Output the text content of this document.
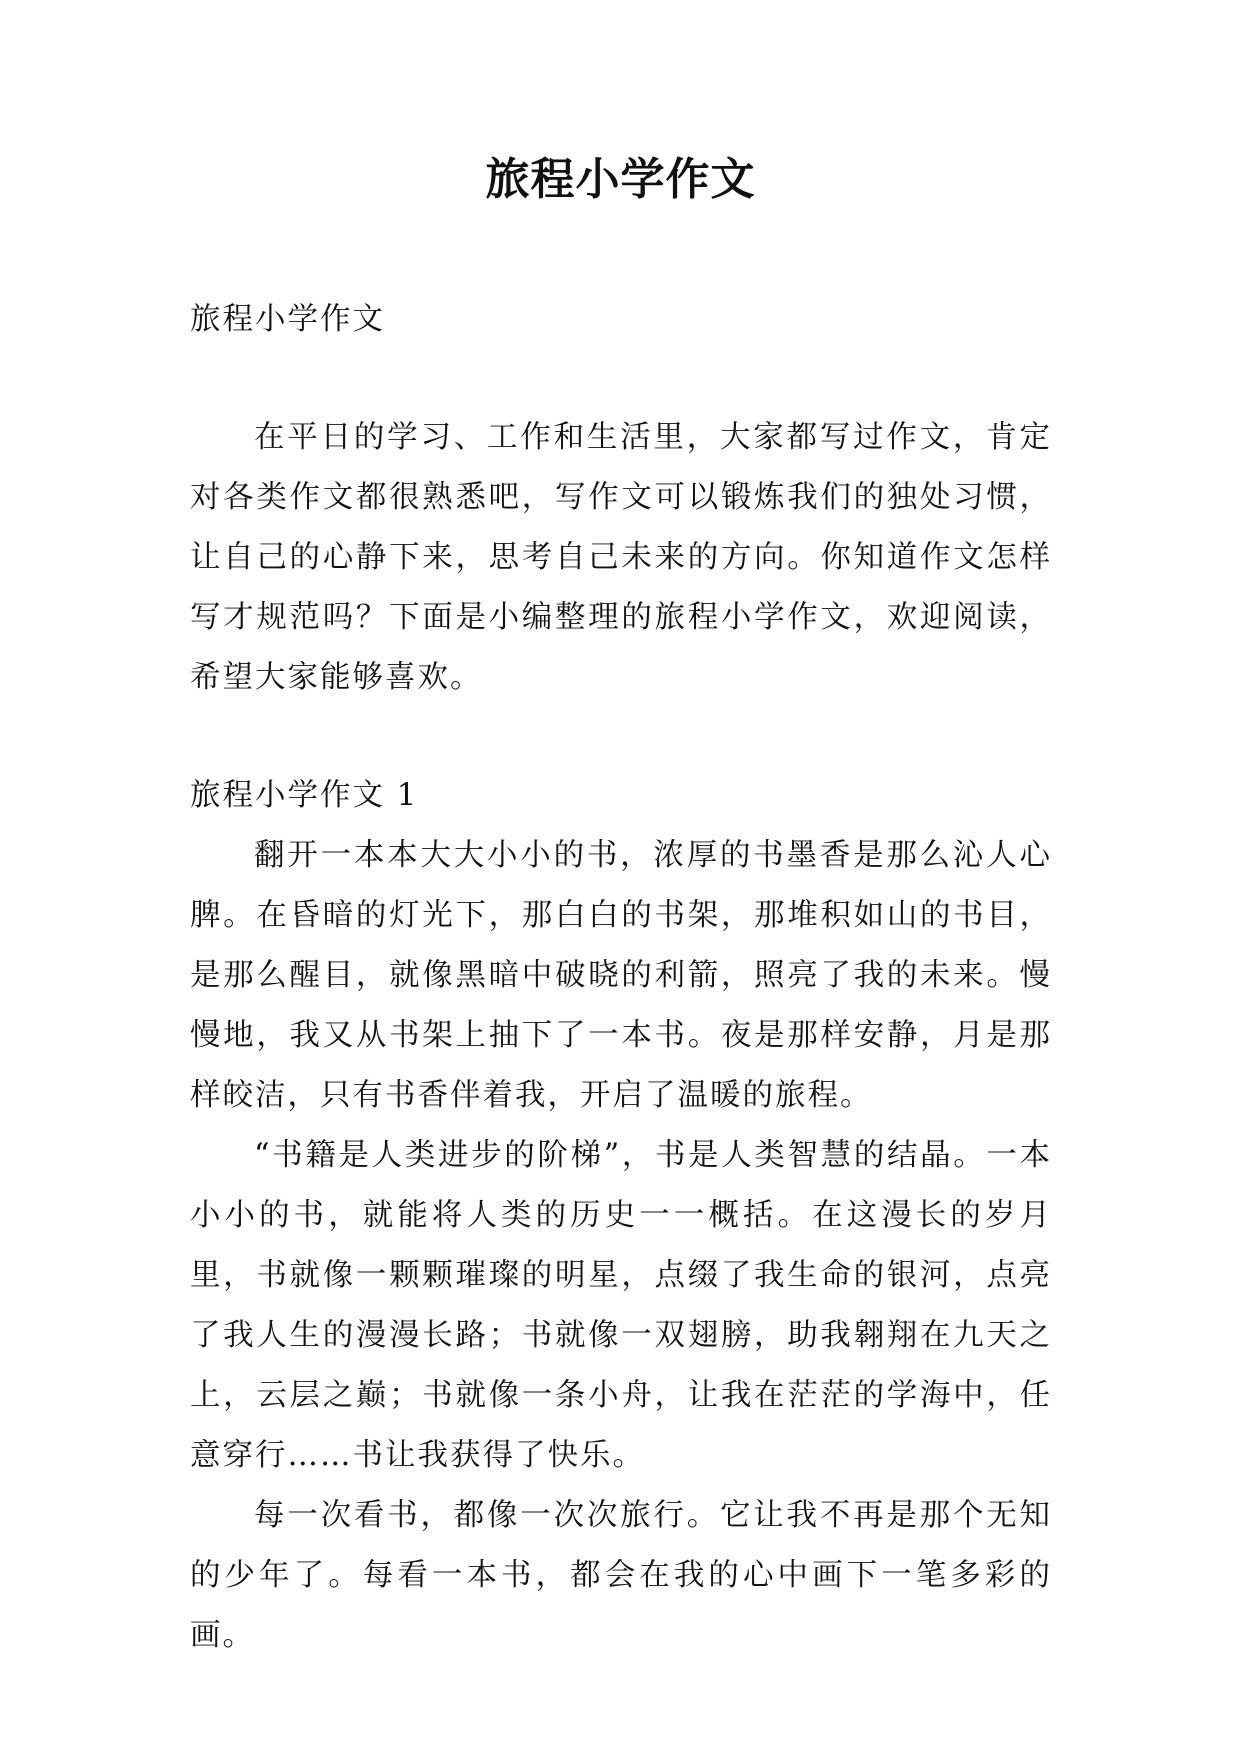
旅程小学作文

旅程小学作文

在平日的学习、工作和生活里，大家都写过作文，肯定对各类作文都很熟悉吧，写作文可以锻炼我们的独处习惯，让自己的心静下来，思考自己未来的方向。你知道作文怎样写才规范吗？下面是小编整理的旅程小学作文，欢迎阅读，希望大家能够喜欢。

旅程小学作文 1

翻开一本本大大小小的书，浓厚的书墨香是那么沁人心脾。在昏暗的灯光下，那白白的书架，那堆积如山的书目，是那么醒目，就像黑暗中破晓的利箭，照亮了我的未来。慢慢地，我又从书架上抽下了一本书。夜是那样安静，月是那样皎洁，只有书香伴着我，开启了温暖的旅程。

“书籍是人类进步的阶梯”，书是人类智慧的结晶。一本小小的书，就能将人类的历史一一概括。在这漫长的岁月里，书就像一颗颗璀璨的明星，点缀了我生命的银河，点亮了我人生的漫漫长路；书就像一双翅膀，助我翱翔在九天之上，云层之巅；书就像一条小舟，让我在茫茫的学海中，任意穿行……书让我获得了快乐。

每一次看书，都像一次次旅行。它让我不再是那个无知的少年了。每看一本书，都会在我的心中画下一笔多彩的画。
